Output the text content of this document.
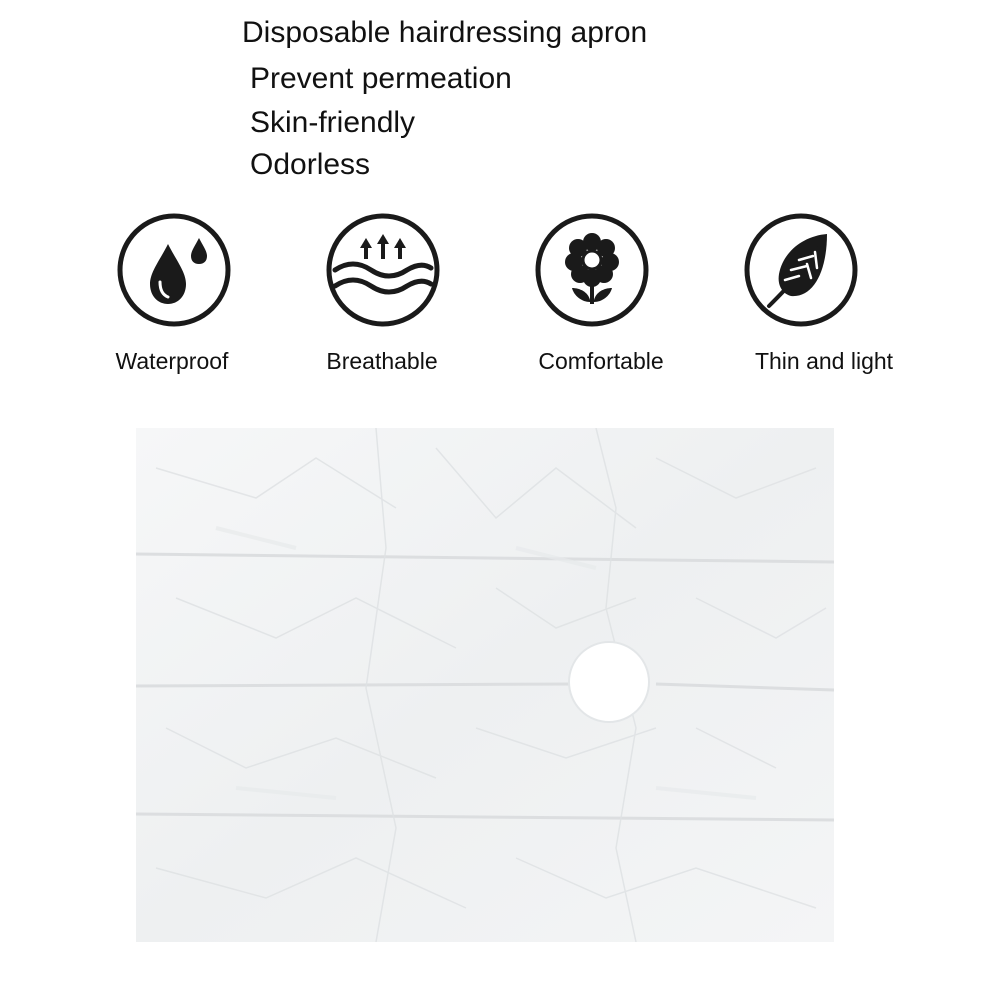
Disposable hairdressing apron
Prevent permeation
Skin-friendly
Odorless
Waterproof	Breathable	Comfortable	Thin and light
